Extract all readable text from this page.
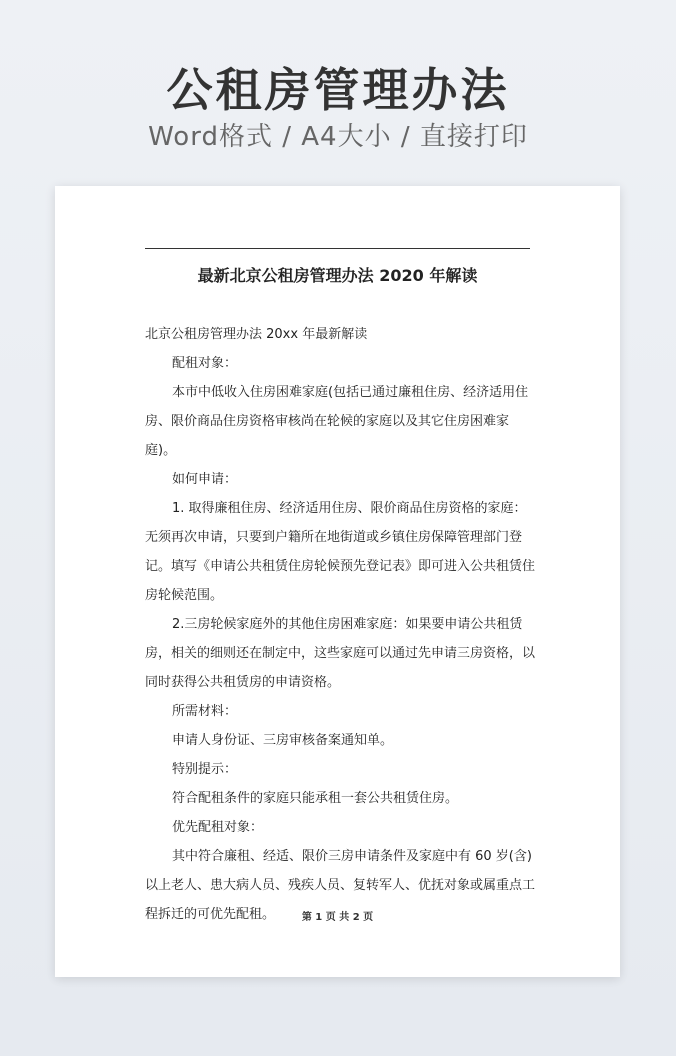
公租房管理办法
Word格式 / A4大小 / 直接打印
最新北京公租房管理办法 2020 年解读

北京公租房管理办法 20xx 年最新解读

配租对象：

本市中低收入住房困难家庭(包括已通过廉租住房、经济适用住房、限价商品住房资格审核尚在轮候的家庭以及其它住房困难家庭)。

如何申请：

1. 取得廉租住房、经济适用住房、限价商品住房资格的家庭：无须再次申请，只要到户籍所在地街道或乡镇住房保障管理部门登记。填写《申请公共租赁住房轮候预先登记表》即可进入公共租赁住房轮候范围。

2.三房轮候家庭外的其他住房困难家庭：如果要申请公共租赁房，相关的细则还在制定中，这些家庭可以通过先申请三房资格，以同时获得公共租赁房的申请资格。

所需材料：

申请人身份证、三房审核备案通知单。

特别提示：

符合配租条件的家庭只能承租一套公共租赁住房。

优先配租对象：

其中符合廉租、经适、限价三房申请条件及家庭中有 60 岁(含)以上老人、患大病人员、残疾人员、复转军人、优抚对象或属重点工程拆迁的可优先配租。	第 1 页 共 2 页
